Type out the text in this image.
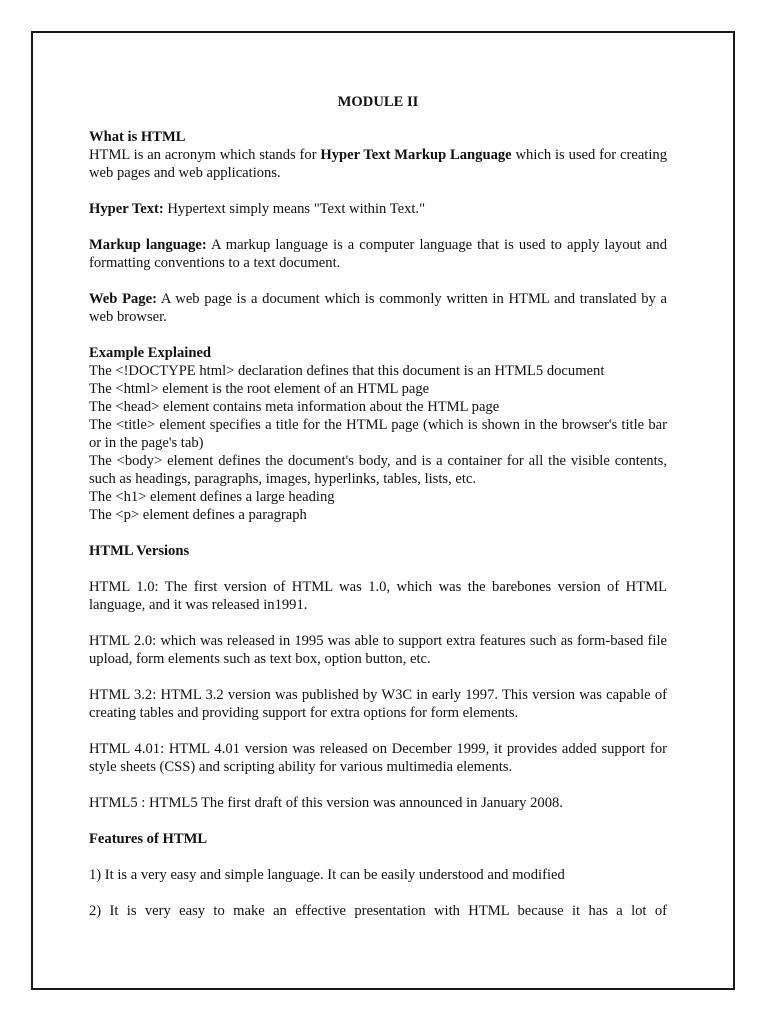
MODULE II
What is HTML
HTML is an acronym which stands for Hyper Text Markup Language which is used for creating web pages and web applications.
Hyper Text: Hypertext simply means "Text within Text."
Markup language: A markup language is a computer language that is used to apply layout and formatting conventions to a text document.
Web Page: A web page is a document which is commonly written in HTML and translated by a web browser.
Example Explained
The <!DOCTYPE html> declaration defines that this document is an HTML5 document
The <html> element is the root element of an HTML page
The <head> element contains meta information about the HTML page
The <title> element specifies a title for the HTML page (which is shown in the browser's title bar or in the page's tab)
The <body> element defines the document's body, and is a container for all the visible contents, such as headings, paragraphs, images, hyperlinks, tables, lists, etc.
The <h1> element defines a large heading
The <p> element defines a paragraph
HTML Versions
HTML 1.0: The first version of HTML was 1.0, which was the barebones version of HTML language, and it was released in1991.
HTML 2.0: which was released in 1995 was able to support extra features such as form-based file upload, form elements such as text box, option button, etc.
HTML 3.2: HTML 3.2 version was published by W3C in early 1997. This version was capable of creating tables and providing support for extra options for form elements.
HTML 4.01: HTML 4.01 version was released on December 1999, it provides added support for style sheets (CSS) and scripting ability for various multimedia elements.
HTML5 : HTML5 The first draft of this version was announced in January 2008.
Features of HTML
1) It is a very easy and simple language. It can be easily understood and modified
2) It is very easy to make an effective presentation with HTML because it has a lot of
